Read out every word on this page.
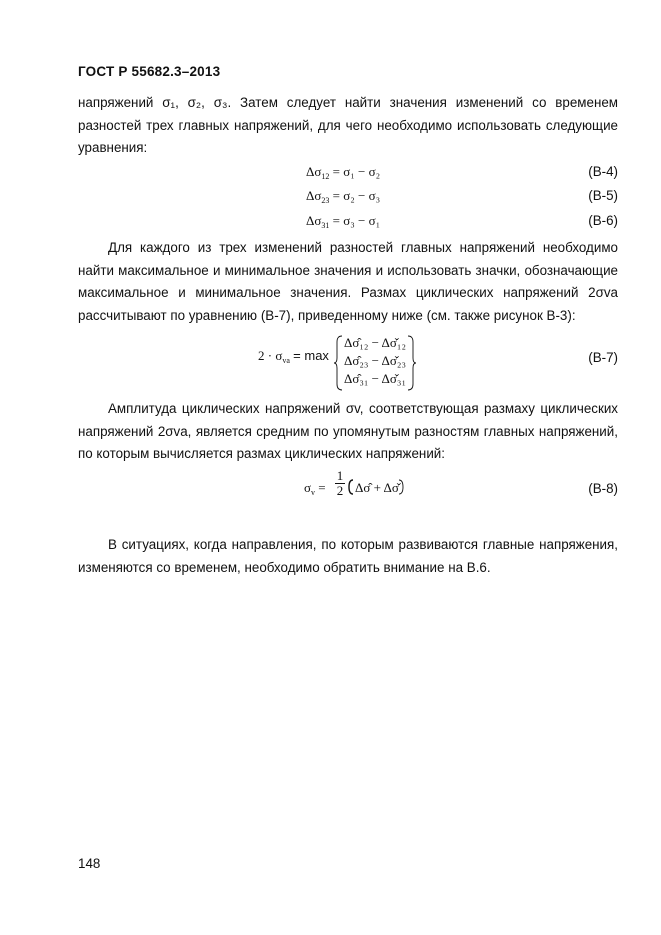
ГОСТ Р 55682.3–2013
напряжений σ₁, σ₂, σ₃. Затем следует найти значения изменений со временем разностей трех главных напряжений, для чего необходимо использовать следующие уравнения:
$\Delta\sigma_{12} = \sigma_1 - \sigma_2$	(В-4)
$\Delta\sigma_{23} = \sigma_2 - \sigma_3$	(В-5)
$\Delta\sigma_{31} = \sigma_3 - \sigma_1$	(В-6)
Для каждого из трех изменений разностей главных напряжений необходимо найти максимальное и минимальное значения и использовать значки, обозначающие максимальное и минимальное значения. Размах циклических напряжений 2σva рассчитывают по уравнению (В-7), приведенному ниже (см. также рисунок В-3):
$2 \cdot \sigma_{va} = \max$
Δσ̂₁₂ − Δσ̌₁₂
Δσ̂₂₃ − Δσ̌₂₃
Δσ̂₃₁ − Δσ̌₃₁
(В-7)
Амплитуда циклических напряжений σv, соответствующая размаху циклических напряжений 2σva, является средним по упомянутым разностям главных напряжений, по которым вычисляется размах циклических напряжений:
$\sigma_v$ =
1
2 Δσ̂ + Δσ̌	(В-8)
В ситуациях, когда направления, по которым развиваются главные напряжения, изменяются со временем, необходимо обратить внимание на В.6.
148
